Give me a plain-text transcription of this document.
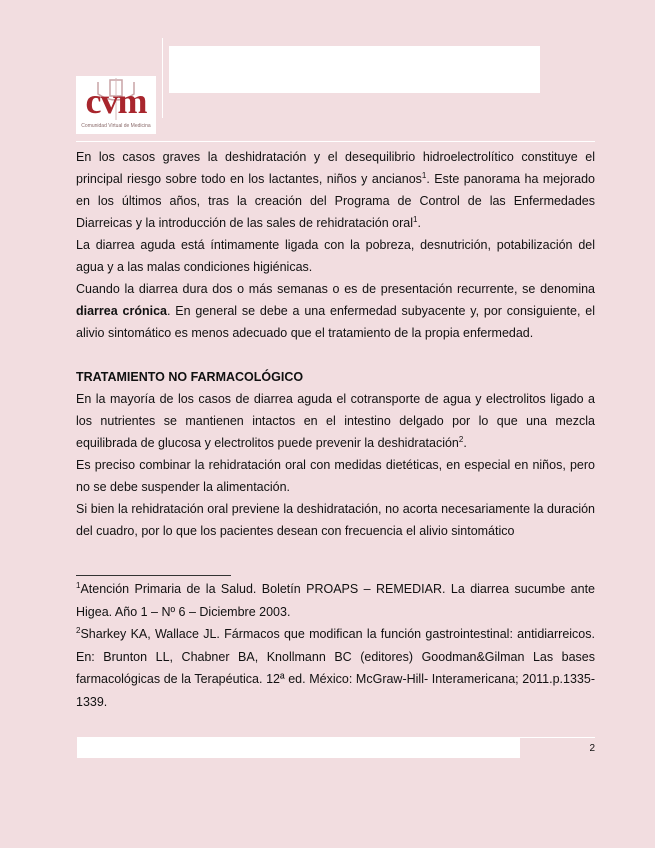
cvm
Comunidad Virtual de Medicina

En los casos graves la deshidratación y el desequilibrio hidroelectrolítico constituye el principal riesgo sobre todo en los lactantes, niños y ancianos$^1$. Este panorama ha mejorado en los últimos años, tras la creación del Programa de Control de las Enfermedades Diarreicas y la introducción de las sales de rehidratación oral$^1$.

La diarrea aguda está íntimamente ligada con la pobreza, desnutrición, potabilización del agua y a las malas condiciones higiénicas.

Cuando la diarrea dura dos o más semanas o es de presentación recurrente, se denomina diarrea crónica. En general se debe a una enfermedad subyacente y, por consiguiente, el alivio sintomático es menos adecuado que el tratamiento de la propia enfermedad.

TRATAMIENTO NO FARMACOLÓGICO

En la mayoría de los casos de diarrea aguda el cotransporte de agua y electrolitos ligado a los nutrientes se mantienen intactos en el intestino delgado por lo que una mezcla equilibrada de glucosa y electrolitos puede prevenir la deshidratación$^2$.

Es preciso combinar la rehidratación oral con medidas dietéticas, en especial en niños, pero no se debe suspender la alimentación.

Si bien la rehidratación oral previene la deshidratación, no acorta necesariamente la duración del cuadro, por lo que los pacientes desean con frecuencia el alivio sintomático

$^1$Atención Primaria de la Salud. Boletín PROAPS – REMEDIAR. La diarrea sucumbe ante Higea. Año 1 – Nº 6 – Diciembre 2003.

$^2$Sharkey KA, Wallace JL. Fármacos que modifican la función gastrointestinal: antidiarreicos. En: Brunton LL, Chabner BA, Knollmann BC (editores) Goodman&Gilman Las bases farmacológicas de la Terapéutica. 12ª ed. México: McGraw-Hill- Interamericana; 2011.p.1335-1339.

2
